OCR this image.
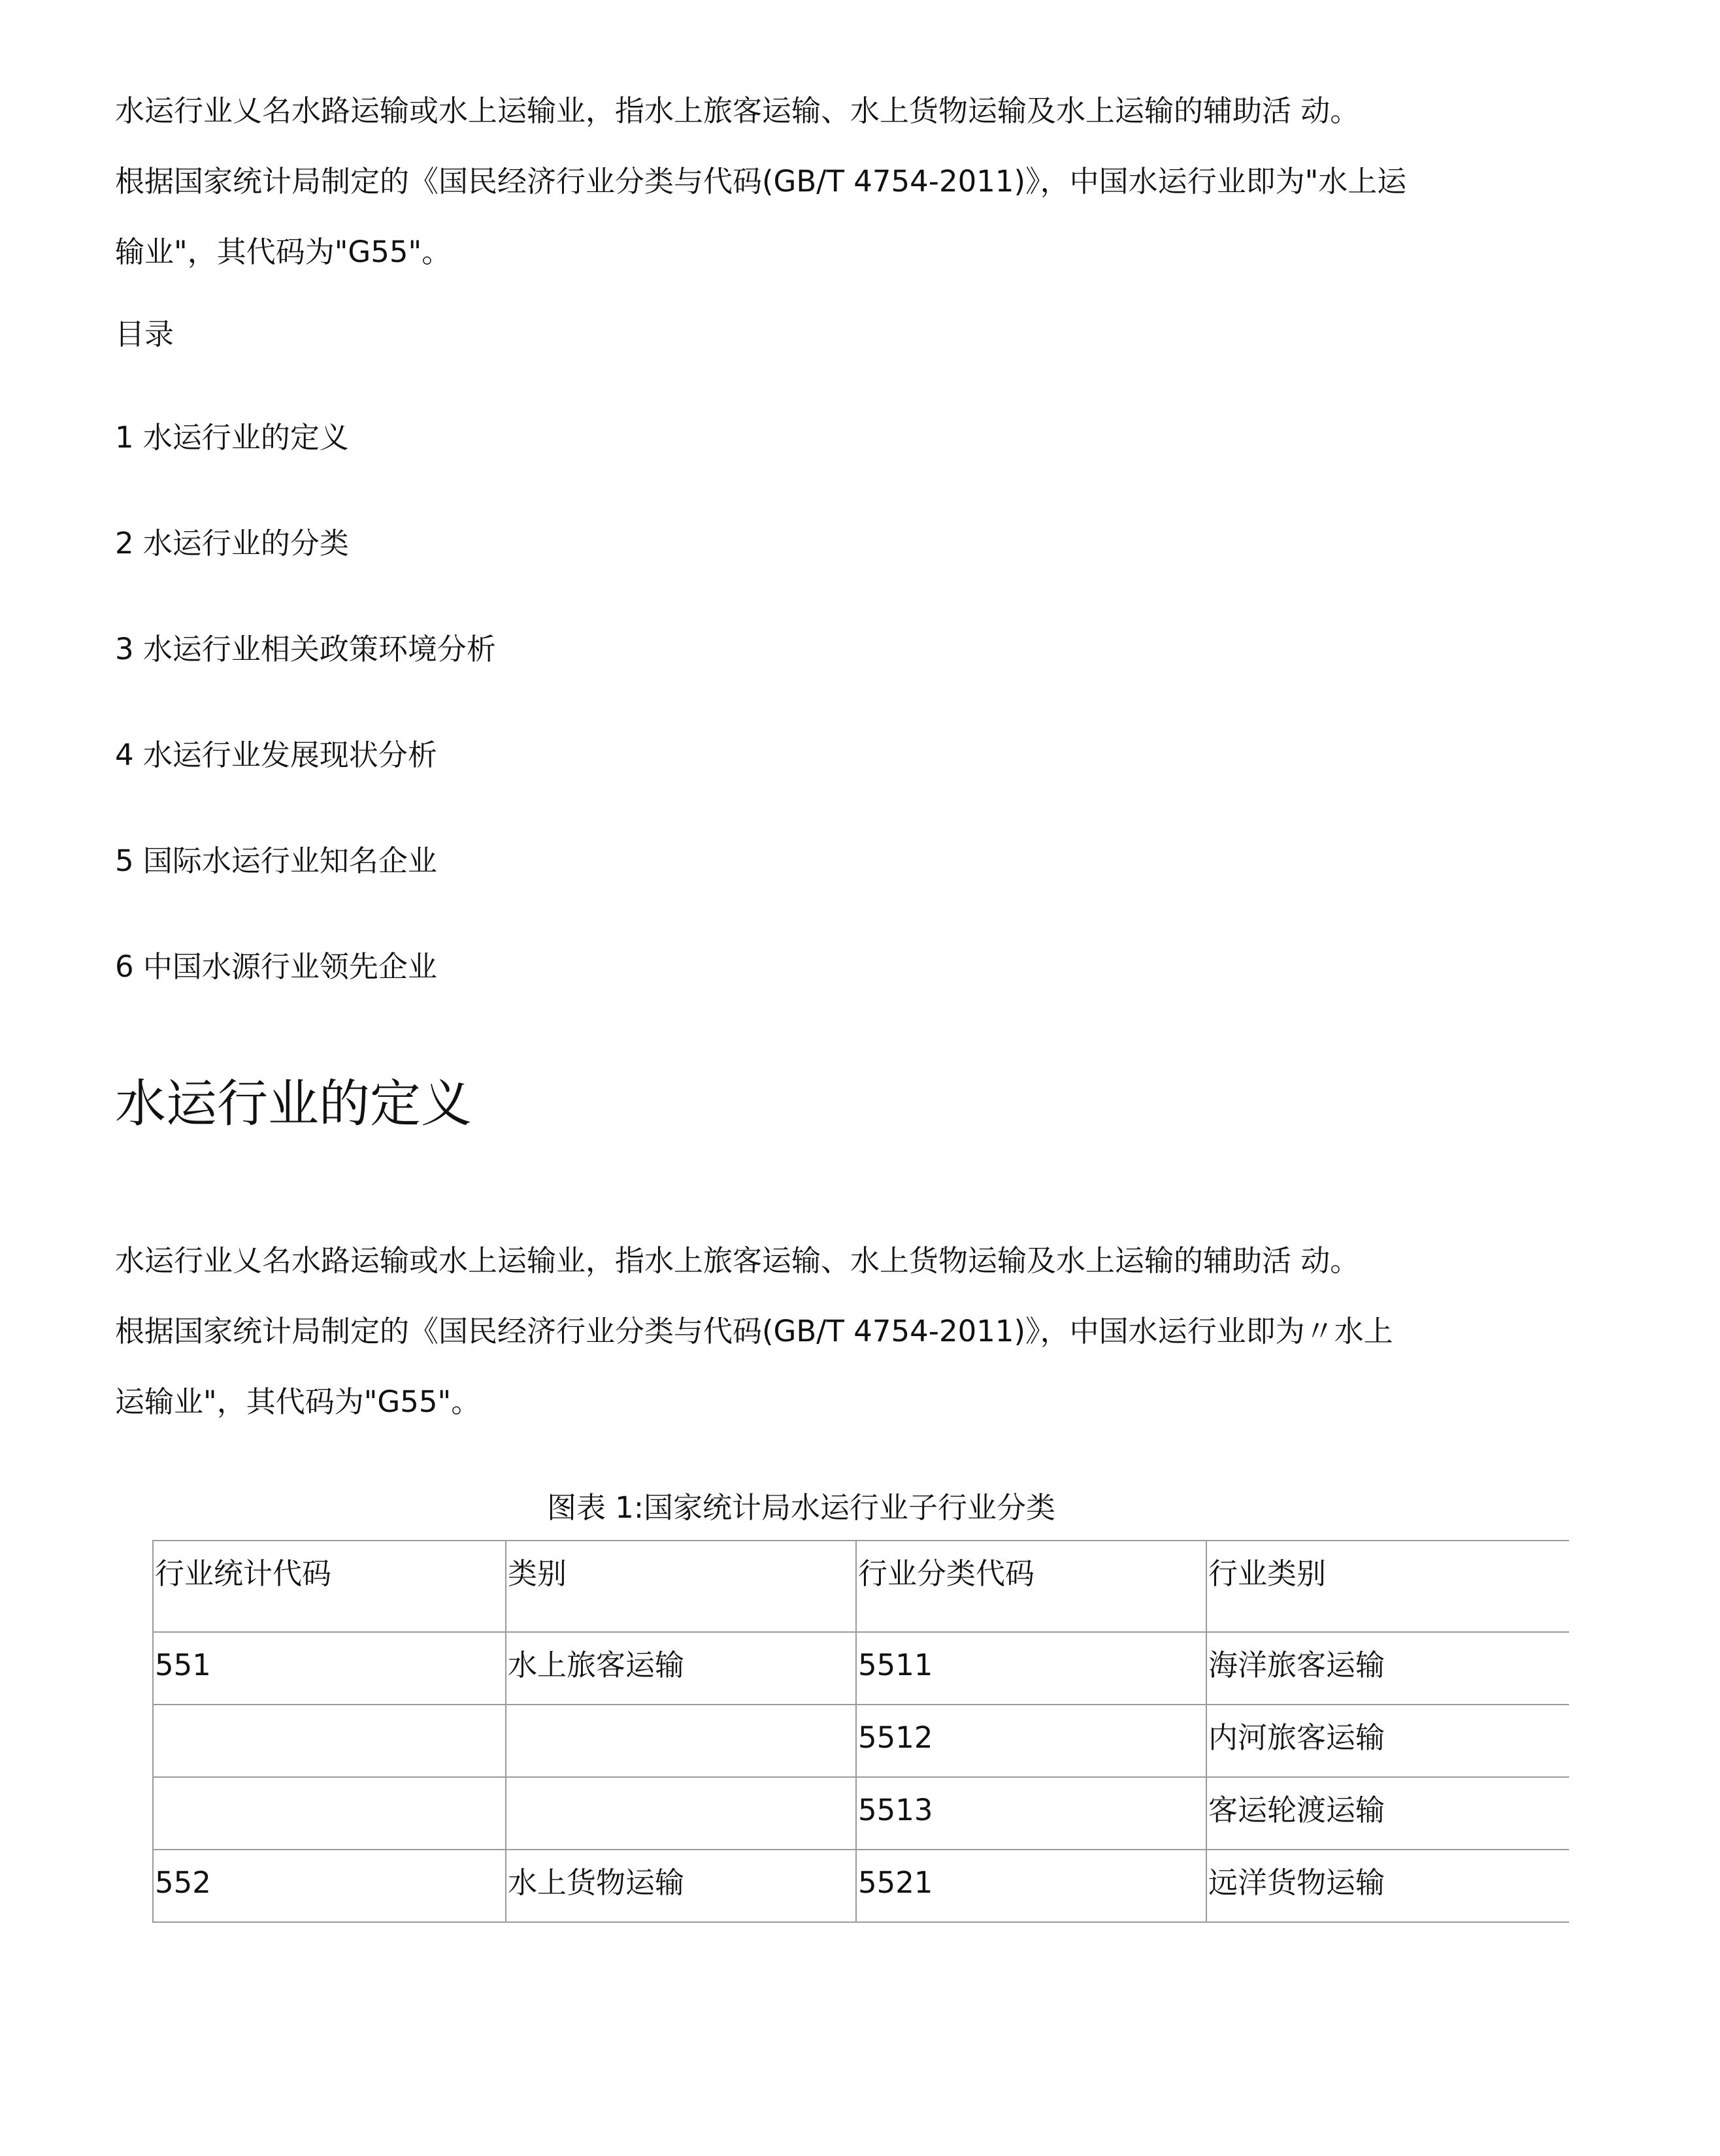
水运行业乂名水路运输或水上运输业，指水上旅客运输、水上货物运输及水上运输的辅助活 动。
根据国家统计局制定的《国民经济行业分类与代码(GB/T 4754-2011)》，中国水运行业即为"水上运
输业"，其代码为"G55"。

目录

1 水运行业的定义
2 水运行业的分类
3 水运行业相关政策环境分析
4 水运行业发展现状分析
5 国际水运行业知名企业
6 中国水源行业领先企业
水运行业的定义
水运行业乂名水路运输或水上运输业，指水上旅客运输、水上货物运输及水上运输的辅助活 动。
根据国家统计局制定的《国民经济行业分类与代码(GB/T 4754-2011)》，中国水运行业即为〃水上
运输业"，其代码为"G55"。
图表 1:国家统计局水运行业子行业分类
行业统计代码	类别	行业分类代码	行业类别
551	水上旅客运输	5511	海洋旅客运输
		5512	内河旅客运输
		5513	客运轮渡运输
552	水上货物运输	5521	远洋货物运输
